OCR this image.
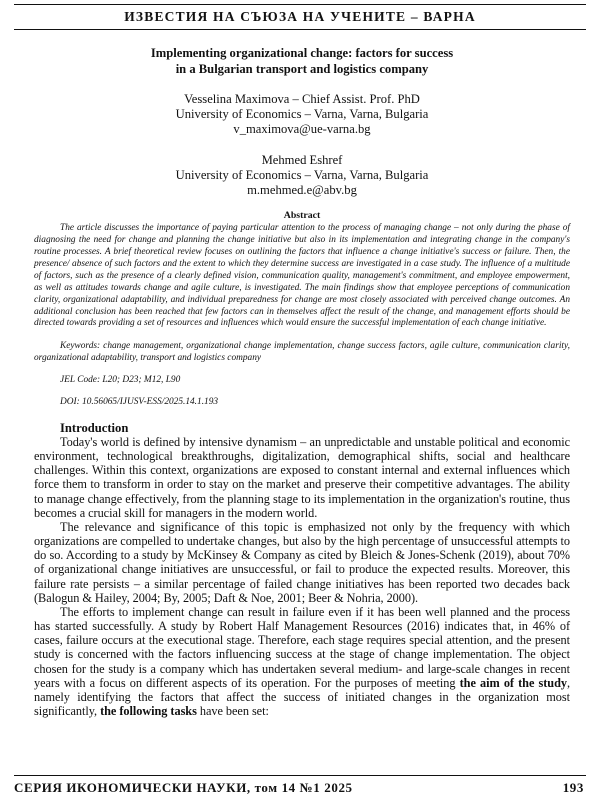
ИЗВЕСТИЯ НА СЪЮЗА НА УЧЕНИТЕ – ВАРНА
Implementing organizational change: factors for success
in a Bulgarian transport and logistics company
Vesselina Maximova – Chief Assist. Prof. PhD
University of Economics – Varna, Varna, Bulgaria
v_maximova@ue-varna.bg
Mehmed Eshref
University of Economics – Varna, Varna, Bulgaria
m.mehmed.e@abv.bg
Abstract

The article discusses the importance of paying particular attention to the process of managing change – not only during the phase of diagnosing the need for change and planning the change initiative but also in its implementation and integrating change in the company's routine processes. A brief theoretical review focuses on outlining the factors that influence a change initiative's success or failure. Then, the presence/ absence of such factors and the extent to which they determine success are investigated in a case study. The influence of a multitude of factors, such as the presence of a clearly defined vision, communication quality, management's commitment, and employee empowerment, as well as attitudes towards change and agile culture, is investigated. The main findings show that employee perceptions of communication clarity, organizational adaptability, and individual preparedness for change are most closely associated with perceived change outcomes. An additional conclusion has been reached that few factors can in themselves affect the result of the change, and management efforts should be directed towards providing a set of resources and influences which would ensure the successful implementation of each change initiative.

Keywords: change management, organizational change implementation, change success factors, agile culture, communication clarity, organizational adaptability, transport and logistics company

JEL Code: L20; D23; M12, L90

DOI: 10.56065/IJUSV-ESS/2025.14.1.193

Introduction

Today's world is defined by intensive dynamism – an unpredictable and unstable political and economic environment, technological breakthroughs, digitalization, demographical shifts, social and healthcare challenges. Within this context, organizations are exposed to constant internal and external influences which force them to transform in order to stay on the market and preserve their competitive advantages. The ability to manage change effectively, from the planning stage to its implementation in the organization's routine, thus becomes a crucial skill for managers in the modern world.

The relevance and significance of this topic is emphasized not only by the frequency with which organizations are compelled to undertake changes, but also by the high percentage of unsuccessful attempts to do so. According to a study by McKinsey & Company as cited by Bleich & Jones-Schenk (2019), about 70% of organizational change initiatives are unsuccessful, or fail to produce the expected results. Moreover, this failure rate persists – a similar percentage of failed change initiatives has been reported two decades back (Balogun & Hailey, 2004; By, 2005; Daft & Noe, 2001; Beer & Nohria, 2000).

The efforts to implement change can result in failure even if it has been well planned and the process has started successfully. A study by Robert Half Management Resources (2016) indicates that, in 46% of cases, failure occurs at the executional stage. Therefore, each stage requires special attention, and the present study is concerned with the factors influencing success at the stage of change implementation. The object chosen for the study is a company which has undertaken several medium- and large-scale changes in recent years with a focus on different aspects of its operation. For the purposes of meeting the aim of the study, namely identifying the factors that affect the success of initiated changes in the organization most significantly, the following tasks have been set:

СЕРИЯ ИКОНОМИЧЕСКИ НАУКИ, том 14 №1 2025	193
